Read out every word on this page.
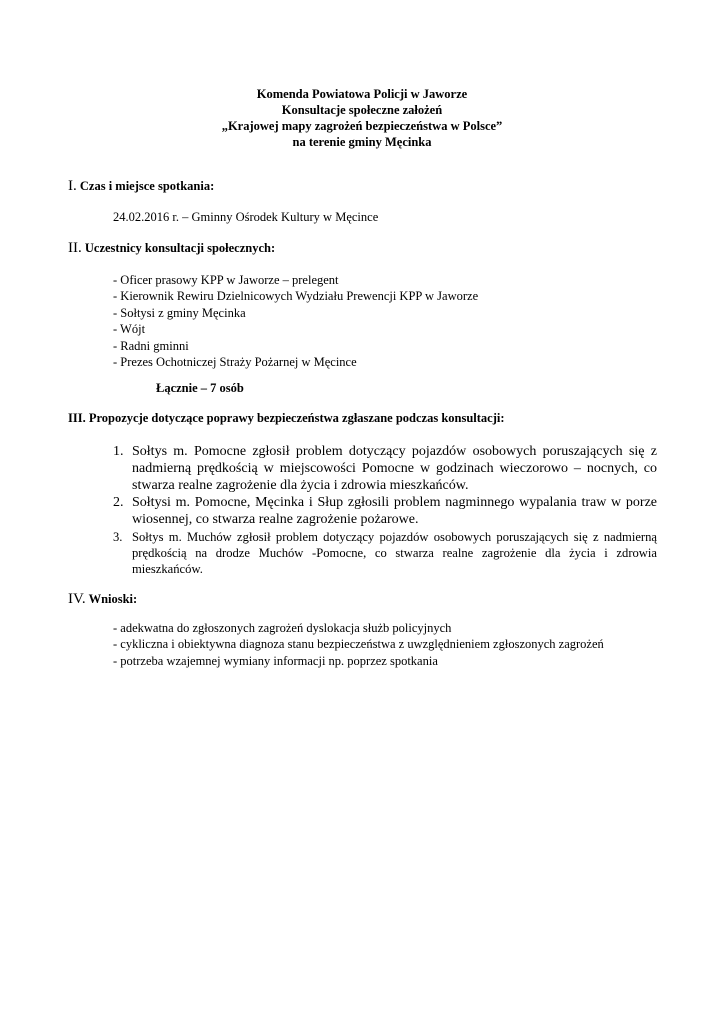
Komenda Powiatowa Policji w Jaworze
Konsultacje społeczne założeń
„Krajowej mapy zagrożeń bezpieczeństwa w Polsce”
na terenie gminy Męcinka
I. Czas i miejsce spotkania:
24.02.2016 r. – Gminny Ośrodek Kultury w Męcince
II. Uczestnicy konsultacji społecznych:
- Oficer prasowy KPP w Jaworze – prelegent
- Kierownik Rewiru Dzielnicowych Wydziału Prewencji KPP w Jaworze
- Sołtysi z gminy Męcinka
- Wójt
- Radni gminni
- Prezes Ochotniczej Straży Pożarnej w Męcince
Łącznie – 7 osób
III. Propozycje dotyczące poprawy bezpieczeństwa zgłaszane podczas konsultacji:
1. Sołtys m. Pomocne zgłosił problem dotyczący pojazdów osobowych poruszających się z nadmierną prędkością w miejscowości Pomocne w godzinach wieczorowo – nocnych, co stwarza realne zagrożenie dla życia i zdrowia mieszkańców.
2. Sołtysi m. Pomocne, Męcinka i Słup zgłosili problem nagminnego wypalania traw w porze wiosennej, co stwarza realne zagrożenie pożarowe.
3. Sołtys m. Muchów zgłosił problem dotyczący pojazdów osobowych poruszających się z nadmierną prędkością na drodze Muchów -Pomocne, co stwarza realne zagrożenie dla życia i zdrowia mieszkańców.
IV. Wnioski:
- adekwatna do zgłoszonych zagrożeń dyslokacja służb policyjnych
- cykliczna i obiektywna diagnoza stanu bezpieczeństwa z uwzględnieniem zgłoszonych zagrożeń
- potrzeba wzajemnej wymiany informacji np. poprzez spotkania
